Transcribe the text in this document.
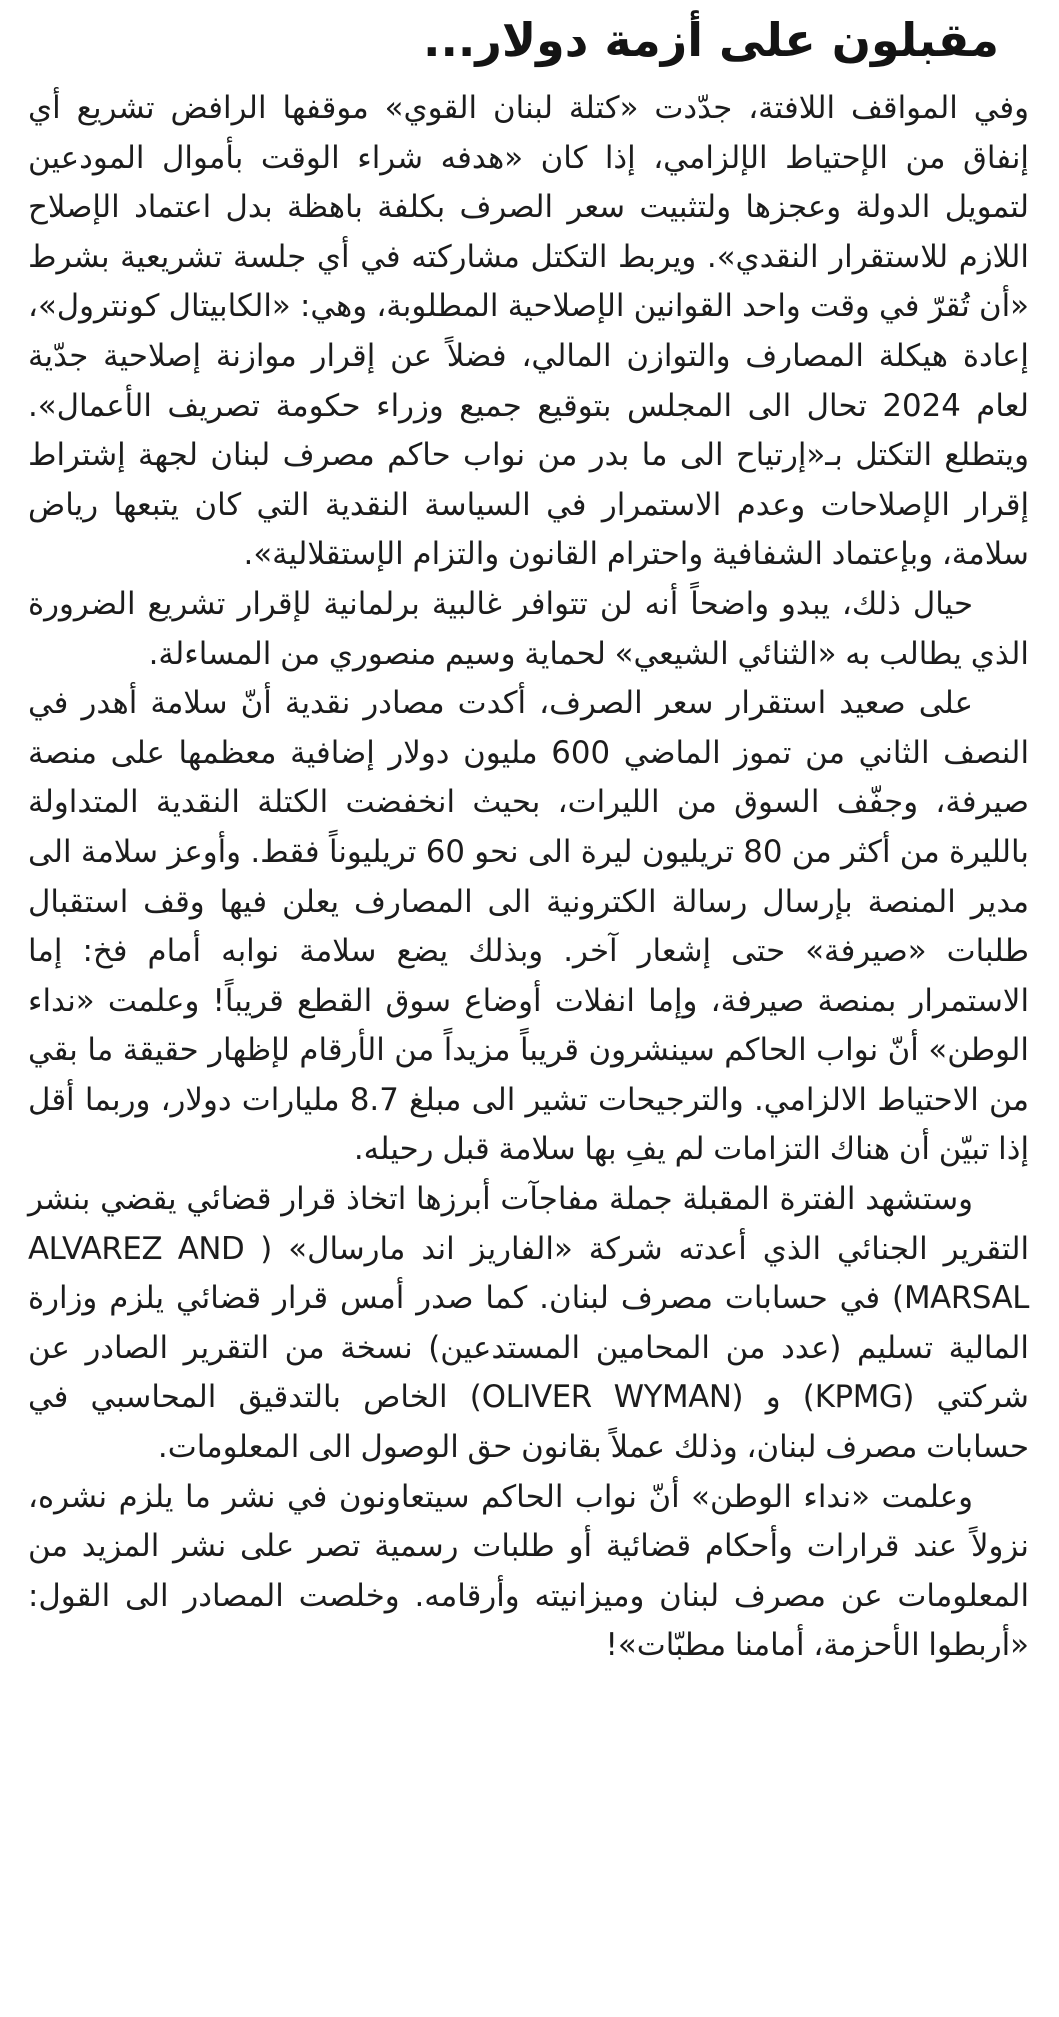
مقبلون على أزمة دولار...

وفي المواقف اللافتة، جدّدت «كتلة لبنان القوي» موقفها الرافض تشريع أي إنفاق من الإحتياط الإلزامي، إذا كان «هدفه شراء الوقت بأموال المودعين لتمويل الدولة وعجزها ولتثبيت سعر الصرف بكلفة باهظة بدل اعتماد الإصلاح اللازم للاستقرار النقدي». ويربط التكتل مشاركته في أي جلسة تشريعية بشرط «أن تُقرّ في وقت واحد القوانين الإصلاحية المطلوبة، وهي: «الكابيتال كونترول»، إعادة هيكلة المصارف والتوازن المالي، فضلاً عن إقرار موازنة إصلاحية جدّية لعام 2024 تحال الى المجلس بتوقيع جميع وزراء حكومة تصريف الأعمال». ويتطلع التكتل بـ«إرتياح الى ما بدر من نواب حاكم مصرف لبنان لجهة إشتراط إقرار الإصلاحات وعدم الاستمرار في السياسة النقدية التي كان يتبعها رياض سلامة، وبإعتماد الشفافية واحترام القانون والتزام الإستقلالية».

حيال ذلك، يبدو واضحاً أنه لن تتوافر غالبية برلمانية لإقرار تشريع الضرورة الذي يطالب به «الثنائي الشيعي» لحماية وسيم منصوري من المساءلة.

على صعيد استقرار سعر الصرف، أكدت مصادر نقدية أنّ سلامة أهدر في النصف الثاني من تموز الماضي 600 مليون دولار إضافية معظمها على منصة صيرفة، وجفّف السوق من الليرات، بحيث انخفضت الكتلة النقدية المتداولة بالليرة من أكثر من 80 تريليون ليرة الى نحو 60 تريليوناً فقط. وأوعز سلامة الى مدير المنصة بإرسال رسالة الكترونية الى المصارف يعلن فيها وقف استقبال طلبات «صيرفة» حتى إشعار آخر. وبذلك يضع سلامة نوابه أمام فخ: إما الاستمرار بمنصة صيرفة، وإما انفلات أوضاع سوق القطع قريباً! وعلمت «نداء الوطن» أنّ نواب الحاكم سينشرون قريباً مزيداً من الأرقام لإظهار حقيقة ما بقي من الاحتياط الالزامي. والترجيحات تشير الى مبلغ 8.7 مليارات دولار، وربما أقل إذا تبيّن أن هناك التزامات لم يفِ بها سلامة قبل رحيله.

وستشهد الفترة المقبلة جملة مفاجآت أبرزها اتخاذ قرار قضائي يقضي بنشر التقرير الجنائي الذي أعدته شركة «الفاريز اند مارسال» ( ALVAREZ AND MARSAL) في حسابات مصرف لبنان. كما صدر أمس قرار قضائي يلزم وزارة المالية تسليم (عدد من المحامين المستدعين) نسخة من التقرير الصادر عن شركتي (KPMG) و (OLIVER WYMAN) الخاص بالتدقيق المحاسبي في حسابات مصرف لبنان، وذلك عملاً بقانون حق الوصول الى المعلومات.

وعلمت «نداء الوطن» أنّ نواب الحاكم سيتعاونون في نشر ما يلزم نشره، نزولاً عند قرارات وأحكام قضائية أو طلبات رسمية تصر على نشر المزيد من المعلومات عن مصرف لبنان وميزانيته وأرقامه. وخلصت المصادر الى القول: «أربطوا الأحزمة، أمامنا مطبّات»!
